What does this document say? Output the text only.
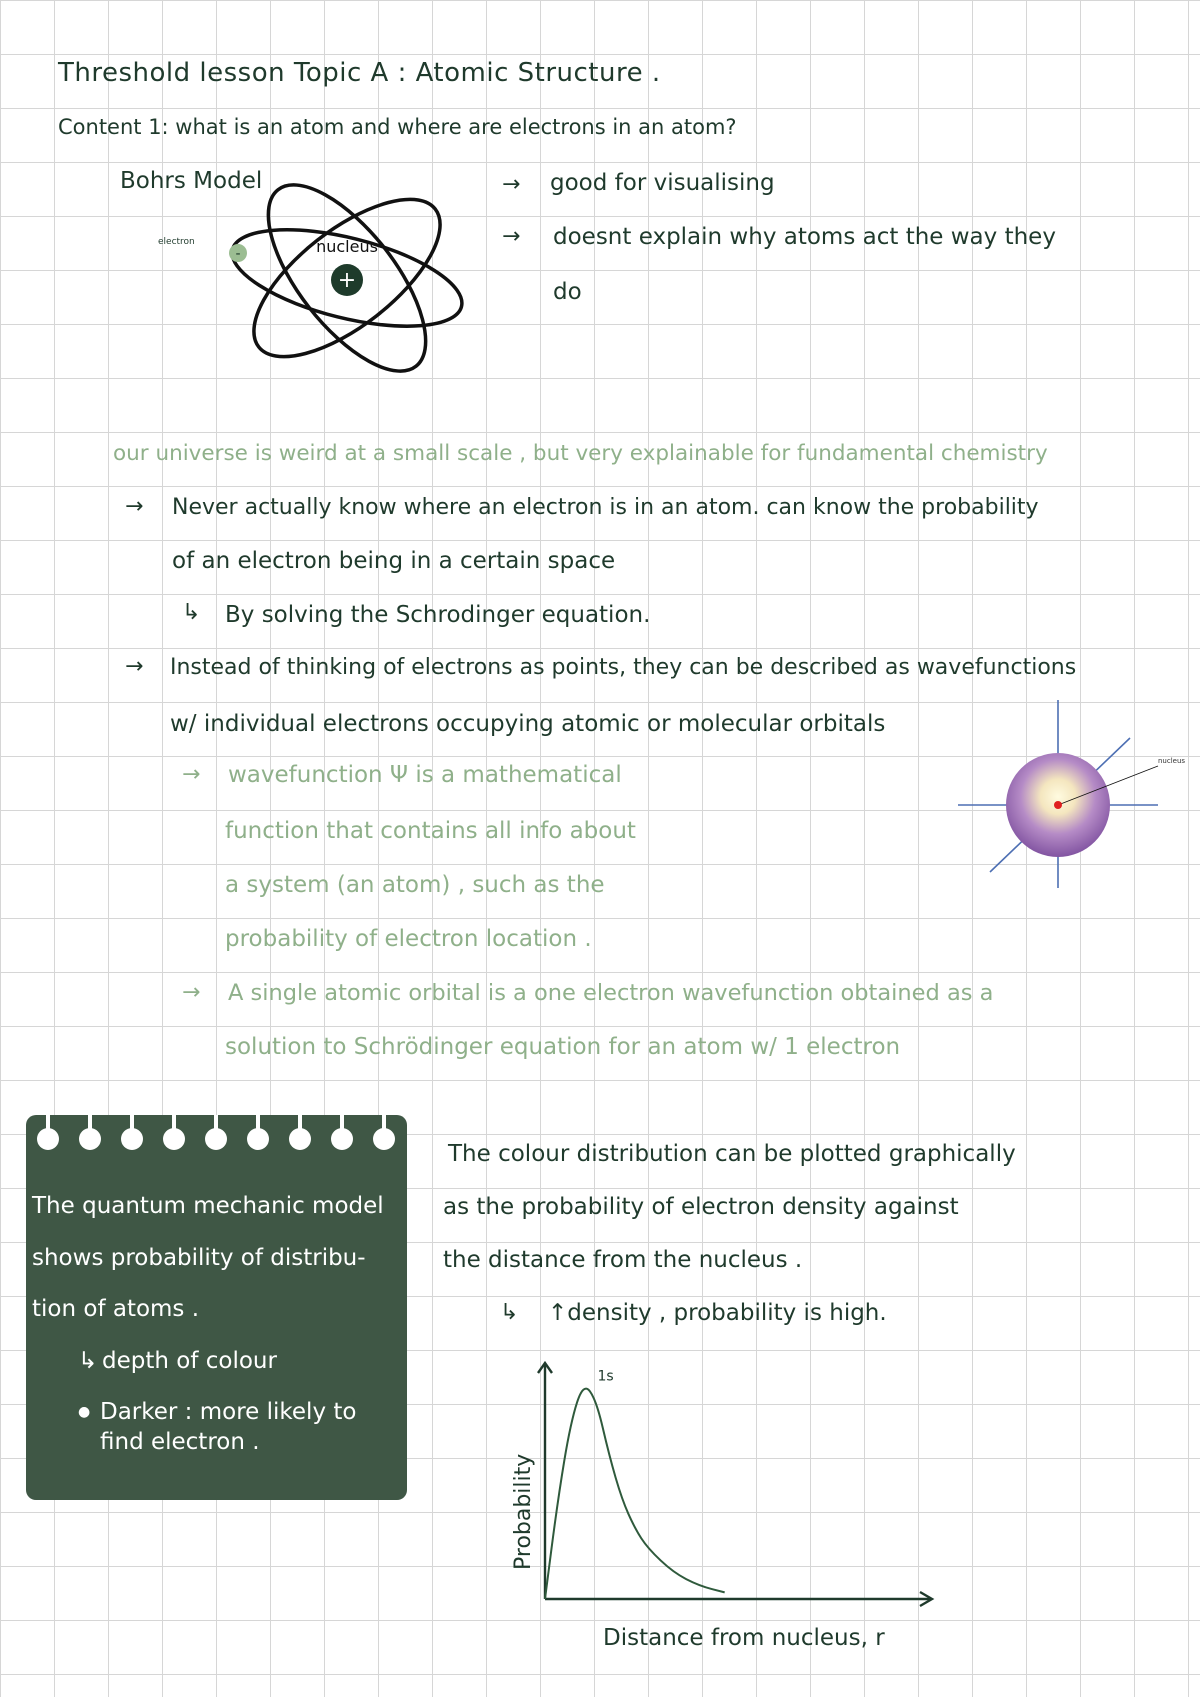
Threshold lesson Topic A : Atomic Structure .
Content 1: what is an atom and where are electrons in an atom?
Bohrs Model
electron
+
nucleus
-
→ good for visualising
→ doesnt explain why atoms act the way they
do
our universe is weird at a small scale , but very explainable for fundamental chemistry
→ Never actually know where an electron is in an atom. can know the probability
of an electron being in a certain space
↳ By solving the Schrodinger equation.
→ Instead of thinking of electrons as points, they can be described as wavefunctions
w/ individual electrons occupying atomic or molecular orbitals
→ wavefunction Ψ is a mathematical
function that contains all info about
a system (an atom) , such as the
probability of electron location .
→ A single atomic orbital is a one electron wavefunction obtained as a
solution to Schrödinger equation for an atom w/ 1 electron
nucleus
The quantum mechanic model
shows probability of distribu-
tion of atoms .
↳ depth of colour
● Darker : more likely to
find electron .
The colour distribution can be plotted graphically
as the probability of electron density against
the distance from the nucleus .
↳ ↑density , probability is high.
1s
Probability
Distance from nucleus, r
